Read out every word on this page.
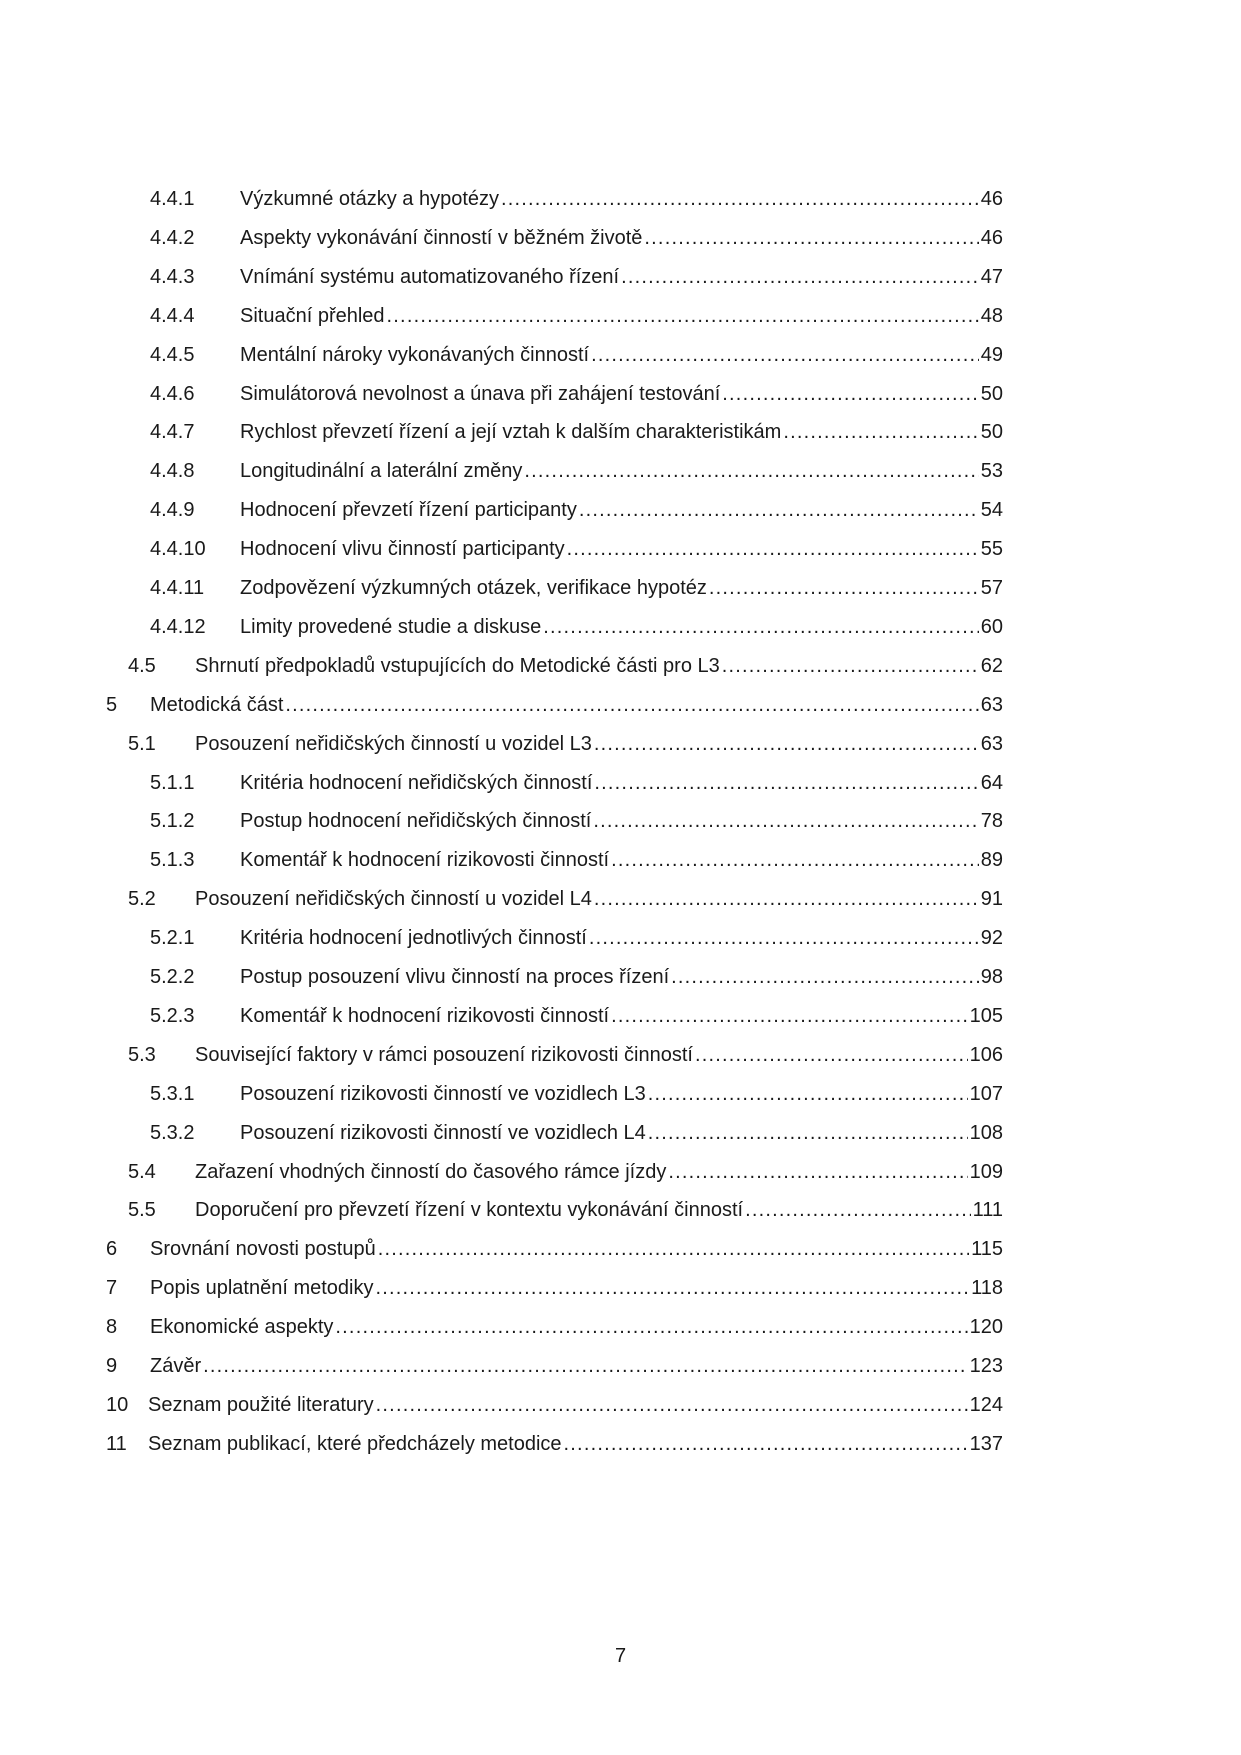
4.4.1 Výzkumné otázky a hypotézy .....	46
4.4.2 Aspekty vykonávání činností v běžném životě .....	46
4.4.3 Vnímání systému automatizovaného řízení .....	47
4.4.4 Situační přehled .....	48
4.4.5 Mentální nároky vykonávaných činností .....	49
4.4.6 Simulátorová nevolnost a únava při zahájení testování .....	50
4.4.7 Rychlost převzetí řízení a její vztah k dalším charakteristikám .....	50
4.4.8 Longitudinální a laterální změny .....	53
4.4.9 Hodnocení převzetí řízení participanty .....	54
4.4.10 Hodnocení vlivu činností participanty .....	55
4.4.11 Zodpovězení výzkumných otázek, verifikace hypotéz .....	57
4.4.12 Limity provedené studie a diskuse .....	60
4.5 Shrnutí předpokladů vstupujících do Metodické části pro L3 .....	62
5 Metodická část .....	63
5.1 Posouzení neřidičských činností u vozidel L3 .....	63
5.1.1 Kritéria hodnocení neřidičských činností .....	64
5.1.2 Postup hodnocení neřidičských činností .....	78
5.1.3 Komentář k hodnocení rizikovosti činností .....	89
5.2 Posouzení neřidičských činností u vozidel L4 .....	91
5.2.1 Kritéria hodnocení jednotlivých činností .....	92
5.2.2 Postup posouzení vlivu činností na proces řízení .....	98
5.2.3 Komentář k hodnocení rizikovosti činností .....	105
5.3 Související faktory v rámci posouzení rizikovosti činností .....	106
5.3.1 Posouzení rizikovosti činností ve vozidlech L3 .....	107
5.3.2 Posouzení rizikovosti činností ve vozidlech L4 .....	108
5.4 Zařazení vhodných činností do časového rámce jízdy .....	109
5.5 Doporučení pro převzetí řízení v kontextu vykonávání činností .....	111
6 Srovnání novosti postupů .....	115
7 Popis uplatnění metodiky .....	118
8 Ekonomické aspekty .....	120
9 Závěr .....	123
10 Seznam použité literatury .....	124
11 Seznam publikací, které předcházely metodice .....	137
7
